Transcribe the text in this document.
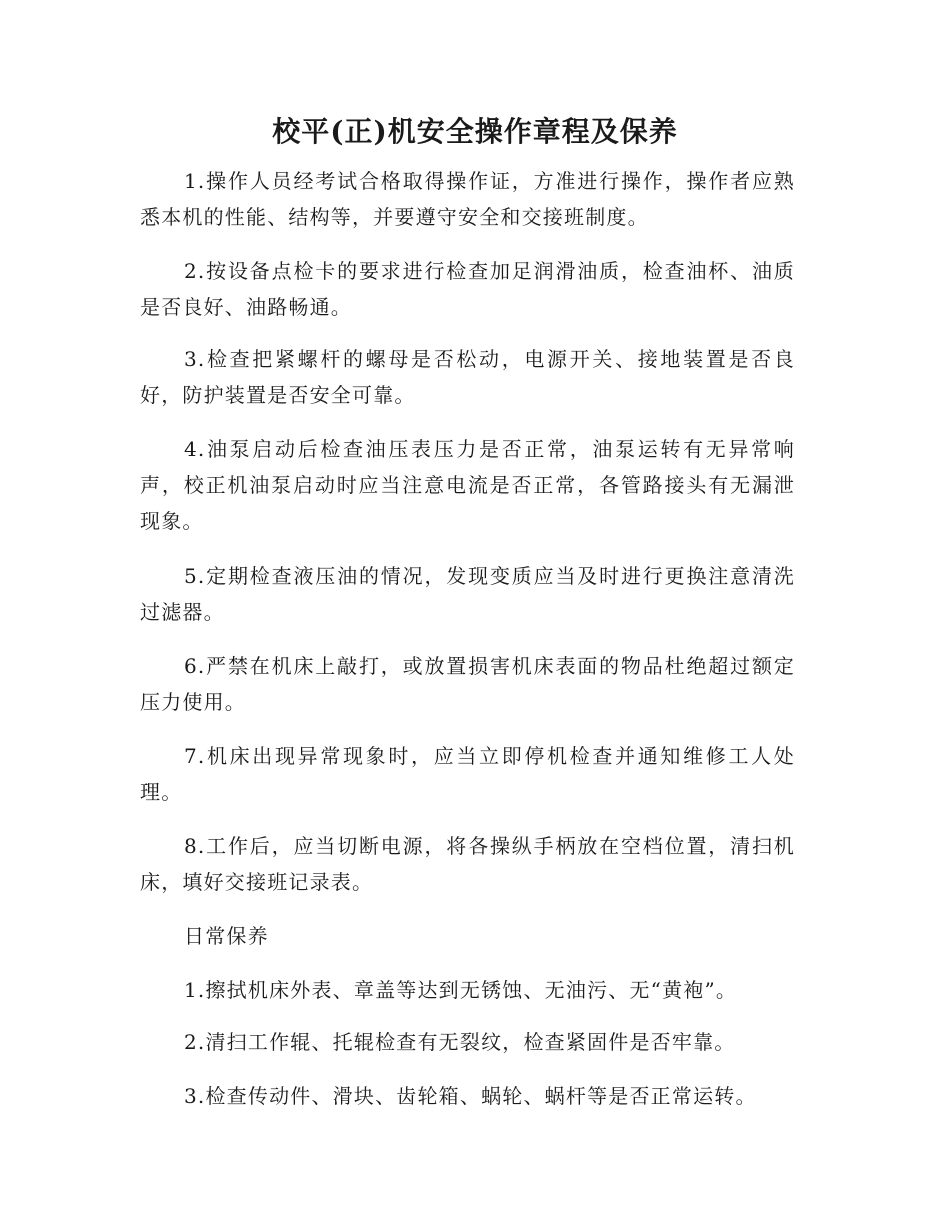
校平(正)机安全操作章程及保养

1.操作人员经考试合格取得操作证，方准进行操作，操作者应熟悉本机的性能、结构等，并要遵守安全和交接班制度。

2.按设备点检卡的要求进行检查加足润滑油质，检查油杯、油质是否良好、油路畅通。

3.检查把紧螺杆的螺母是否松动，电源开关、接地装置是否良好，防护装置是否安全可靠。

4.油泵启动后检查油压表压力是否正常，油泵运转有无异常响声，校正机油泵启动时应当注意电流是否正常，各管路接头有无漏泄现象。

5.定期检查液压油的情况，发现变质应当及时进行更换注意清洗过滤器。

6.严禁在机床上敲打，或放置损害机床表面的物品杜绝超过额定压力使用。

7.机床出现异常现象时，应当立即停机检查并通知维修工人处理。

8.工作后，应当切断电源，将各操纵手柄放在空档位置，清扫机床，填好交接班记录表。

日常保养

1.擦拭机床外表、章盖等达到无锈蚀、无油污、无“黄袍”。

2.清扫工作辊、托辊检查有无裂纹，检查紧固件是否牢靠。

3.检查传动件、滑块、齿轮箱、蜗轮、蜗杆等是否正常运转。
